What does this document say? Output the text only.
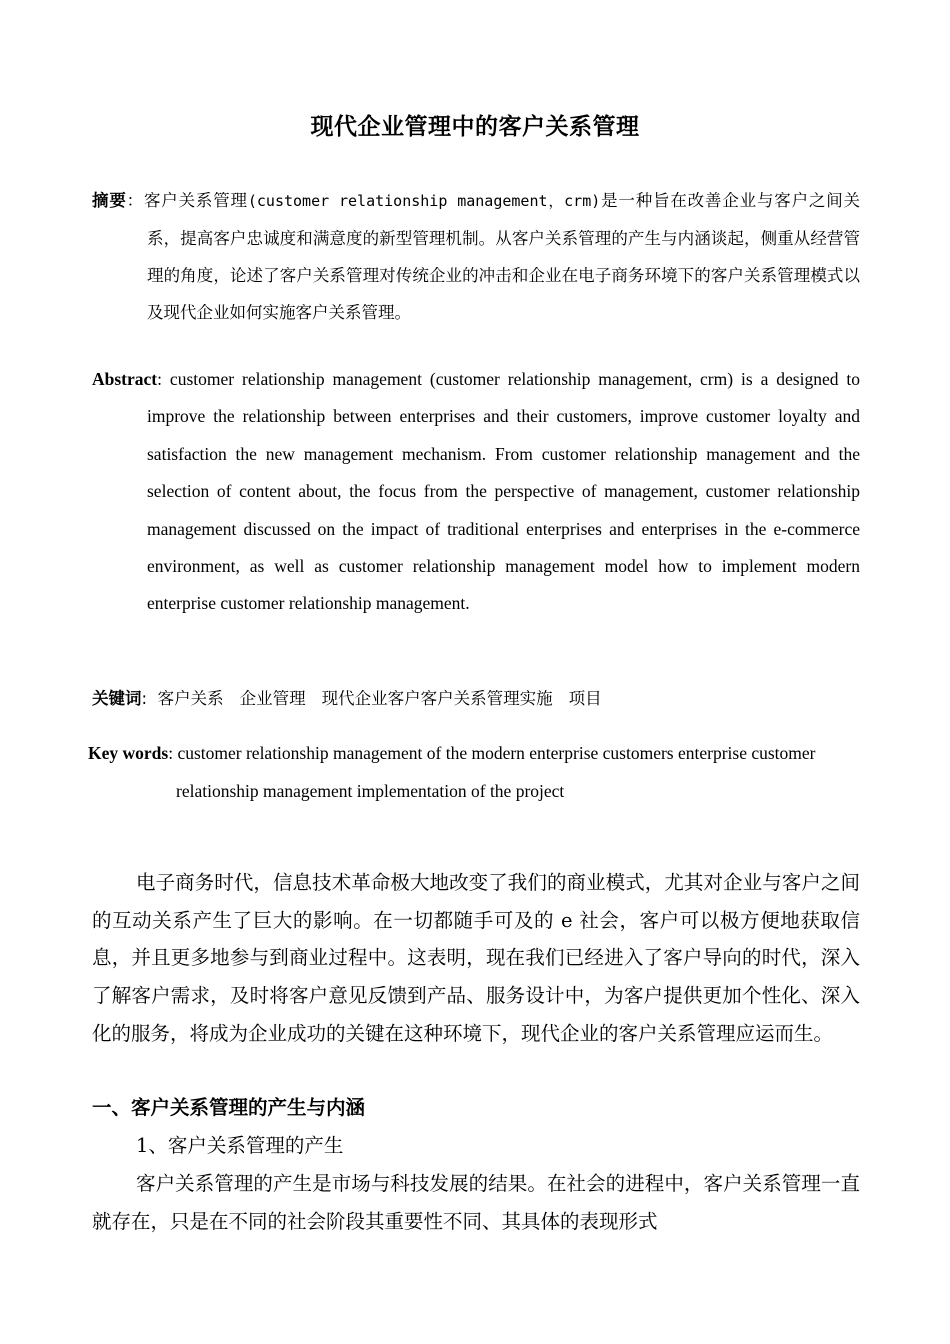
现代企业管理中的客户关系管理
摘要：客户关系管理(customer relationship management，crm)是一种旨在改善企业与客户之间关系，提高客户忠诚度和满意度的新型管理机制。从客户关系管理的产生与内涵谈起，侧重从经营管理的角度，论述了客户关系管理对传统企业的冲击和企业在电子商务环境下的客户关系管理模式以及现代企业如何实施客户关系管理。
Abstract: customer relationship management (customer relationship management, crm) is a designed to improve the relationship between enterprises and their customers, improve customer loyalty and satisfaction the new management mechanism. From customer relationship management and the selection of content about, the focus from the perspective of management, customer relationship management discussed on the impact of traditional enterprises and enterprises in the e-commerce environment, as well as customer relationship management model how to implement modern enterprise customer relationship management.
关键词:  客户关系 企业管理 现代企业客户客户关系管理实施 项目
Key words: customer relationship management of the modern enterprise customers enterprise customer relationship management implementation of the project
电子商务时代，信息技术革命极大地改变了我们的商业模式，尤其对企业与客户之间的互动关系产生了巨大的影响。在一切都随手可及的 e 社会，客户可以极方便地获取信息，并且更多地参与到商业过程中。这表明，现在我们已经进入了客户导向的时代，深入了解客户需求，及时将客户意见反馈到产品、服务设计中，为客户提供更加个性化、深入化的服务，将成为企业成功的关键在这种环境下，现代企业的客户关系管理应运而生。
一、客户关系管理的产生与内涵
1、客户关系管理的产生
客户关系管理的产生是市场与科技发展的结果。在社会的进程中，客户关系管理一直就存在，只是在不同的社会阶段其重要性不同、其具体的表现形式
